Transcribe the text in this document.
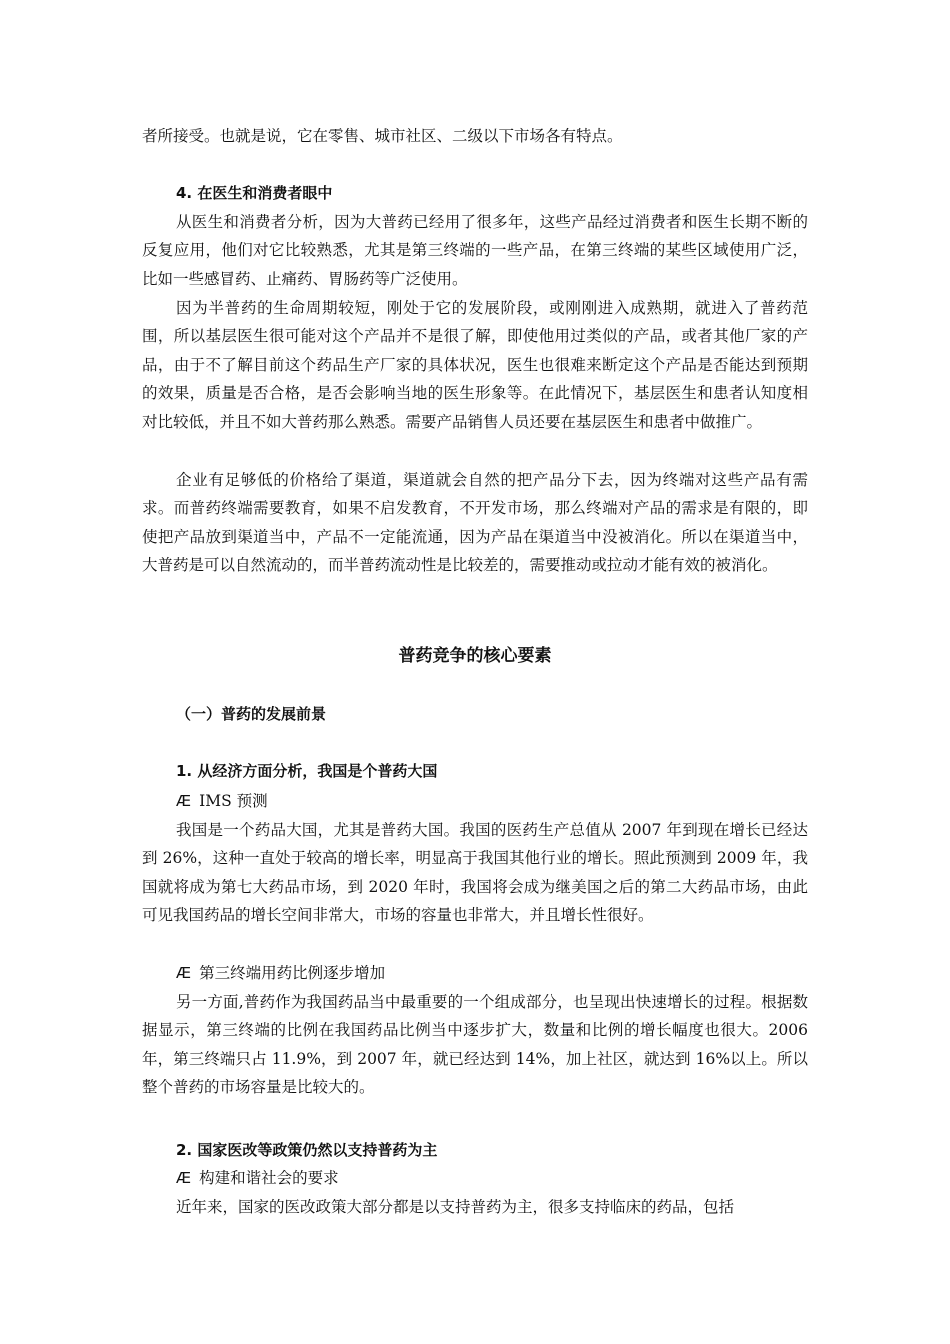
者所接受。也就是说，它在零售、城市社区、二级以下市场各有特点。

4. 在医生和消费者眼中

从医生和消费者分析，因为大普药已经用了很多年，这些产品经过消费者和医生长期不断的反复应用，他们对它比较熟悉，尤其是第三终端的一些产品，在第三终端的某些区域使用广泛，比如一些感冒药、止痛药、胃肠药等广泛使用。

因为半普药的生命周期较短，刚处于它的发展阶段，或刚刚进入成熟期，就进入了普药范围，所以基层医生很可能对这个产品并不是很了解，即使他用过类似的产品，或者其他厂家的产品，由于不了解目前这个药品生产厂家的具体状况，医生也很难来断定这个产品是否能达到预期的效果，质量是否合格，是否会影响当地的医生形象等。在此情况下，基层医生和患者认知度相对比较低，并且不如大普药那么熟悉。需要产品销售人员还要在基层医生和患者中做推广。

企业有足够低的价格给了渠道，渠道就会自然的把产品分下去，因为终端对这些产品有需求。而普药终端需要教育，如果不启发教育，不开发市场，那么终端对产品的需求是有限的，即使把产品放到渠道当中，产品不一定能流通，因为产品在渠道当中没被消化。所以在渠道当中，大普药是可以自然流动的，而半普药流动性是比较差的，需要推动或拉动才能有效的被消化。

普药竞争的核心要素
（一）普药的发展前景
1. 从经济方面分析，我国是个普药大国

Æ IMS 预测

我国是一个药品大国，尤其是普药大国。我国的医药生产总值从 2007 年到现在增长已经达到 26%，这种一直处于较高的增长率，明显高于我国其他行业的增长。照此预测到 2009 年，我国就将成为第七大药品市场，到 2020 年时，我国将会成为继美国之后的第二大药品市场，由此可见我国药品的增长空间非常大，市场的容量也非常大，并且增长性很好。

Æ 第三终端用药比例逐步增加

另一方面,普药作为我国药品当中最重要的一个组成部分，也呈现出快速增长的过程。根据数据显示，第三终端的比例在我国药品比例当中逐步扩大，数量和比例的增长幅度也很大。2006 年，第三终端只占 11.9%，到 2007 年，就已经达到 14%，加上社区，就达到 16%以上。所以整个普药的市场容量是比较大的。

2. 国家医改等政策仍然以支持普药为主

Æ 构建和谐社会的要求

近年来，国家的医改政策大部分都是以支持普药为主，很多支持临床的药品，包括
